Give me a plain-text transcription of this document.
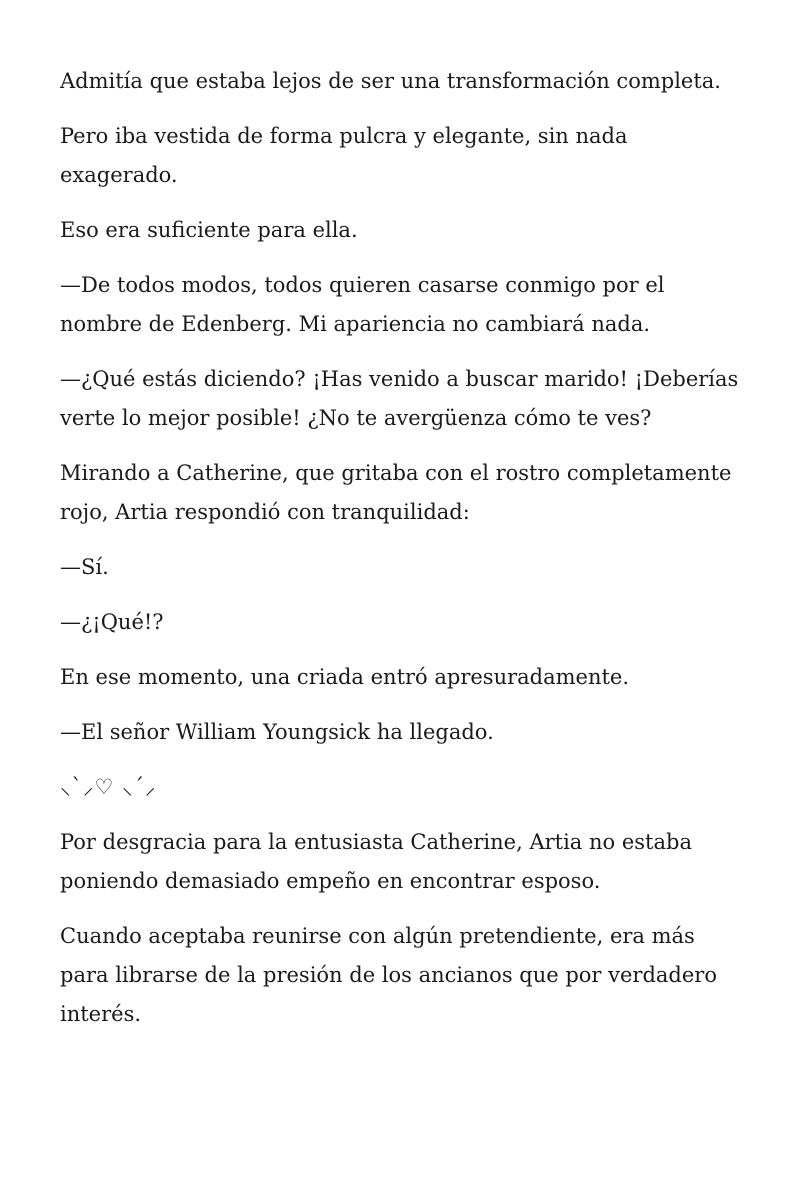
Admitía que estaba lejos de ser una transformación completa.

Pero iba vestida de forma pulcra y elegante, sin nada exagerado.

Eso era suficiente para ella.

—De todos modos, todos quieren casarse conmigo por el nombre de Edenberg. Mi apariencia no cambiará nada.

—¿Qué estás diciendo? ¡Has venido a buscar marido! ¡Deberías verte lo mejor posible! ¿No te avergüenza cómo te ves?

Mirando a Catherine, que gritaba con el rostro completamente rojo, Artia respondió con tranquilidad:

—Sí.

—¿¡Qué!?

En ese momento, una criada entró apresuradamente.

—El señor William Youngsick ha llegado.

⸜`⸝♡ ⸜´⸝

Por desgracia para la entusiasta Catherine, Artia no estaba poniendo demasiado empeño en encontrar esposo.

Cuando aceptaba reunirse con algún pretendiente, era más para librarse de la presión de los ancianos que por verdadero interés.
